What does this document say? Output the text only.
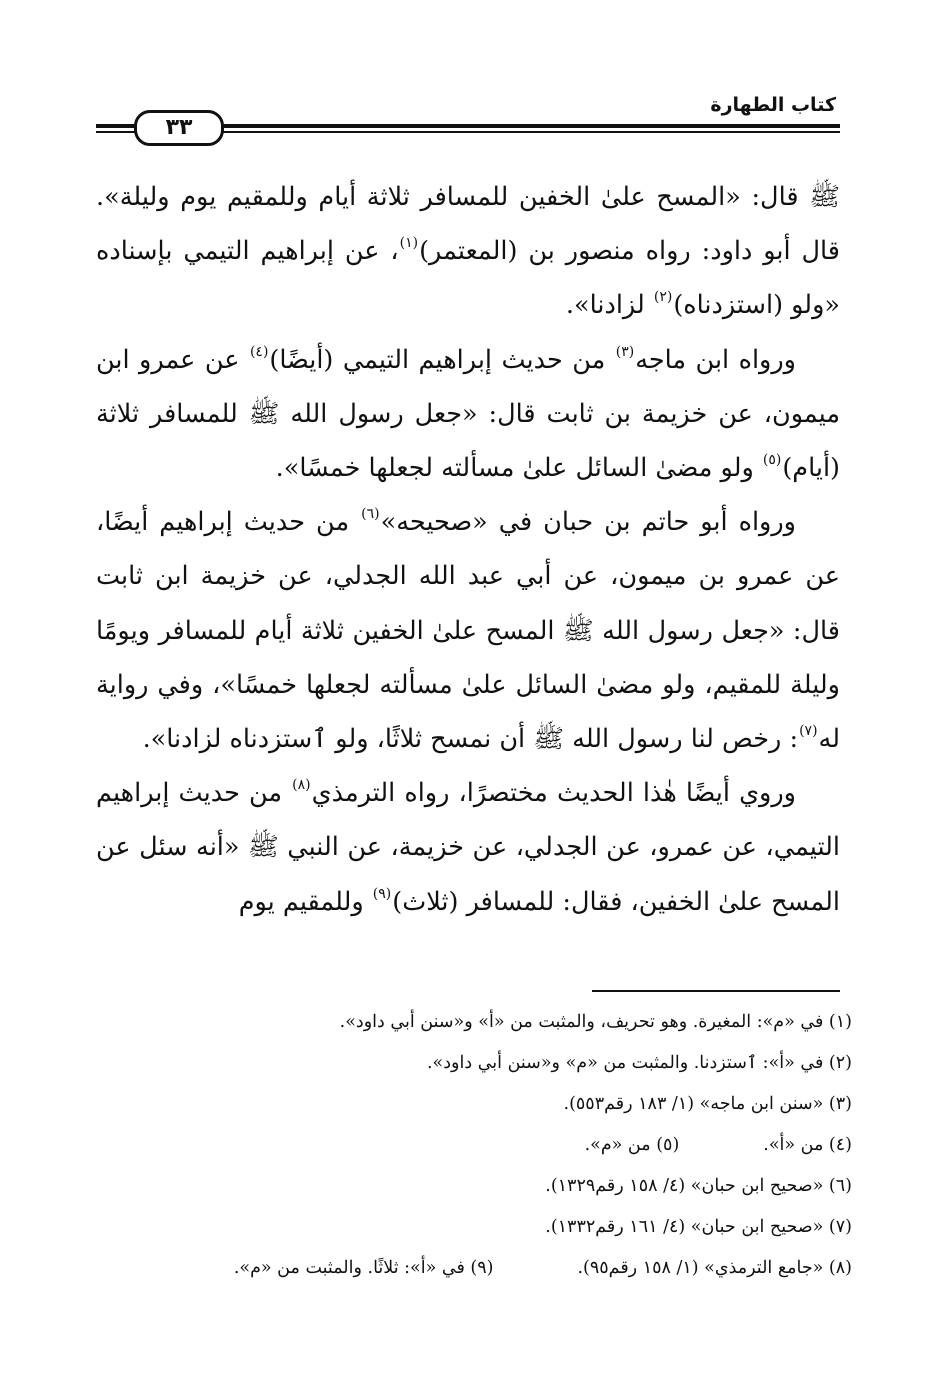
كتاب الطهارة
٣٣

ﷺ قال: «المسح علىٰ الخفين للمسافر ثلاثة أيام وللمقيم يوم وليلة». قال أبو داود: رواه منصور بن (المعتمر)$^{(١)}$، عن إبراهيم التيمي بإسناده «ولو (استزدناه)$^{(٢)}$ لزادنا».

ورواه ابن ماجه$^{(٣)}$ من حديث إبراهيم التيمي (أيضًا)$^{(٤)}$ عن عمرو ابن ميمون، عن خزيمة بن ثابت قال: «جعل رسول الله ﷺ للمسافر ثلاثة (أيام)$^{(٥)}$ ولو مضىٰ السائل علىٰ مسألته لجعلها خمسًا».

ورواه أبو حاتم بن حبان في «صحيحه»$^{(٦)}$ من حديث إبراهيم أيضًا، عن عمرو بن ميمون، عن أبي عبد الله الجدلي، عن خزيمة ابن ثابت قال: «جعل رسول الله ﷺ المسح علىٰ الخفين ثلاثة أيام للمسافر ويومًا وليلة للمقيم، ولو مضىٰ السائل علىٰ مسألته لجعلها خمسًا»، وفي رواية له$^{(٧)}$: رخص لنا رسول الله ﷺ أن نمسح ثلاثًا، ولو ٱستزدناه لزادنا».

وروي أيضًا هٰذا الحديث مختصرًا، رواه الترمذي$^{(٨)}$ من حديث إبراهيم التيمي، عن عمرو، عن الجدلي، عن خزيمة، عن النبي ﷺ «أنه سئل عن المسح علىٰ الخفين، فقال: للمسافر (ثلاث)$^{(٩)}$ وللمقيم يوم

(١) في «م»: المغيرة. وهو تحريف، والمثبت من «أ» و«سنن أبي داود».
(٢) في «أ»: ٱستزدنا. والمثبت من «م» و«سنن أبي داود».
(٣) «سنن ابن ماجه» (١/ ١٨٣ رقم٥٥٣).
(٤) من «أ».(٥) من «م».
(٦) «صحيح ابن حبان» (٤/ ١٥٨ رقم١٣٢٩).
(٧) «صحيح ابن حبان» (٤/ ١٦١ رقم١٣٣٢).
(٨) «جامع الترمذي» (١/ ١٥٨ رقم٩٥).(٩) في «أ»: ثلاثًا. والمثبت من «م».
